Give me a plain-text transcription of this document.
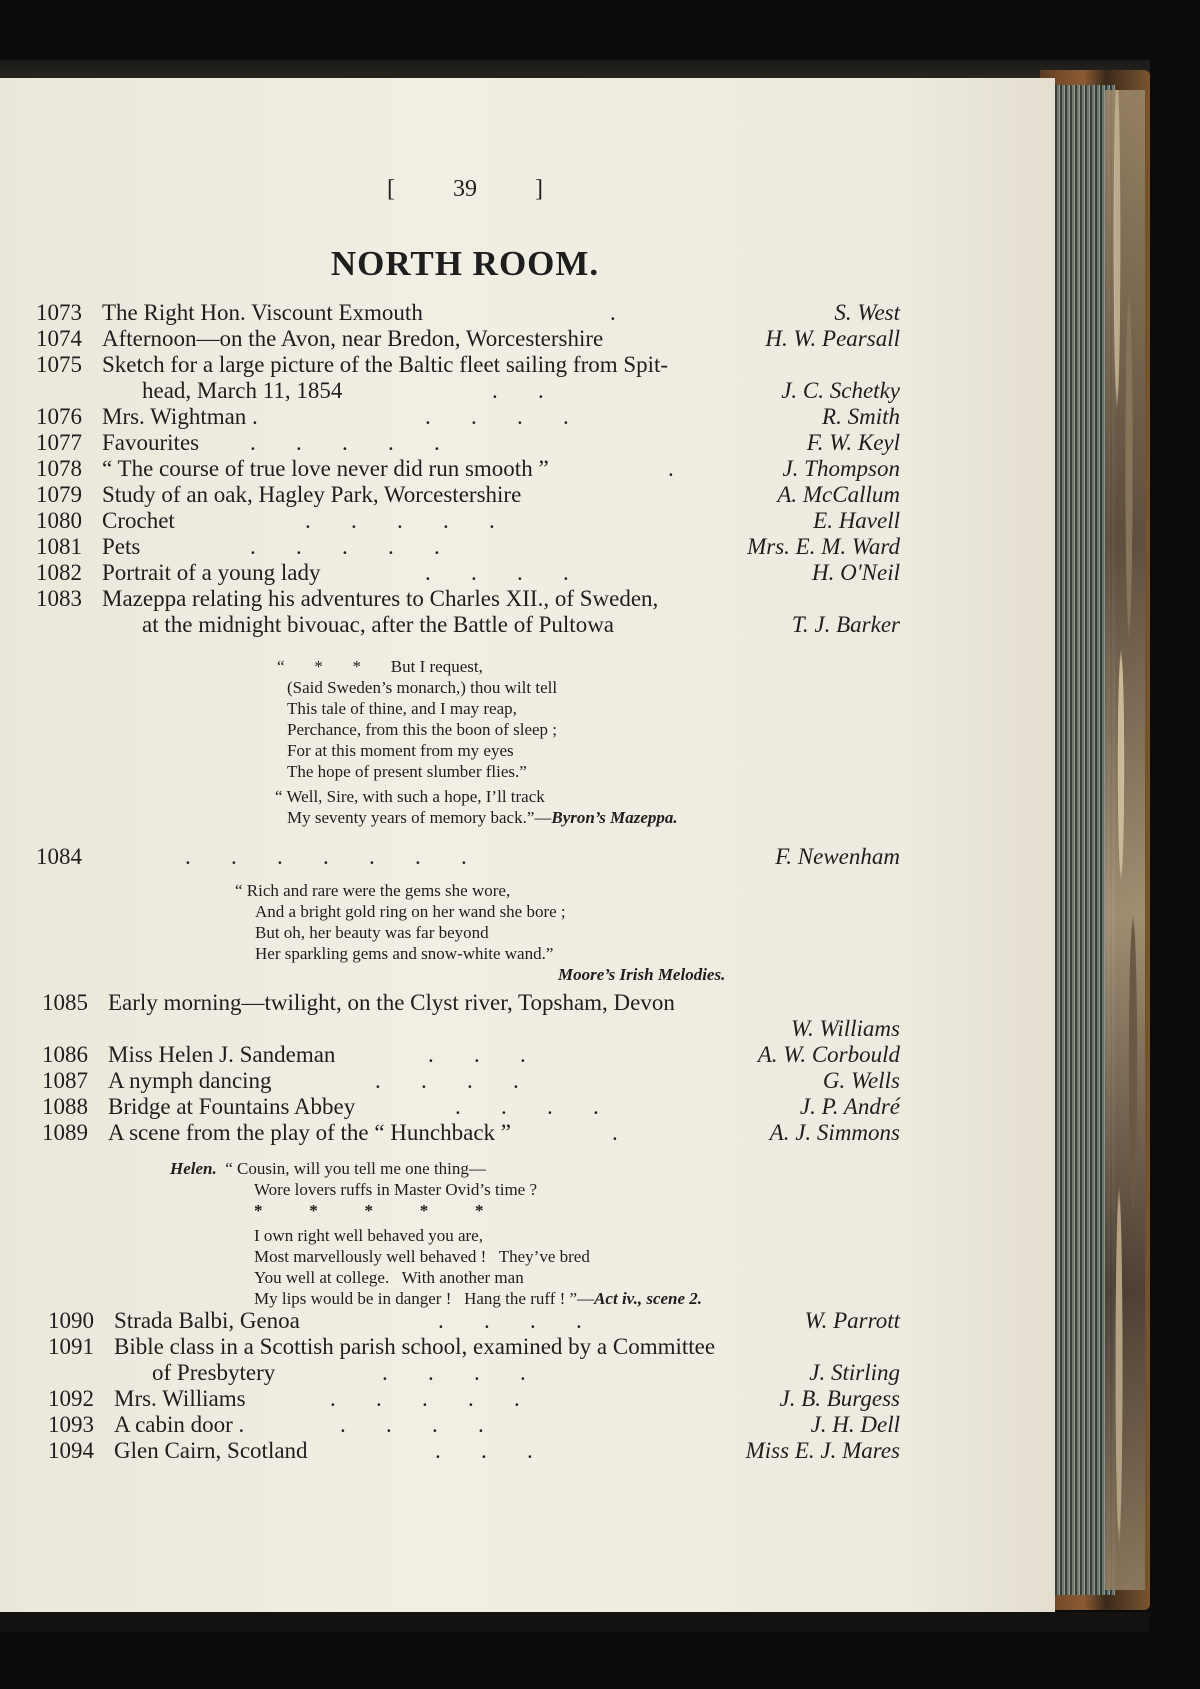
[ 39 ]
NORTH ROOM.
1073 The Right Hon. Viscount Exmouth	.	S. West
1074 Afternoon—on the Avon, near Bredon, Worcestershire	H. W. Pearsall
1075 Sketch for a large picture of the Baltic fleet sailing from Spit-
head, March 11, 1854	.       .	J. C. Schetky
1076 Mrs. Wightman .	.       .       .       .	R. Smith
1077 Favourites .       .       .       .       .	F. W. Keyl
1078 “ The course of true love never did run smooth ”	.	J. Thompson
1079 Study of an oak, Hagley Park, Worcestershire	A. McCallum
1080 Crochet	.       .       .       .       .	E. Havell
1081 Pets	.       .       .       .       .	Mrs. E. M. Ward
1082 Portrait of a young lady	.       .       .       .	H. O'Neil
1083 Mazeppa relating his adventures to Charles XII., of Sweden,
at the midnight bivouac, after the Battle of Pultowa	T. J. Barker
“       *       *       But I request,
(Said Sweden’s monarch,) thou wilt tell
This tale of thine, and I may reap,
Perchance, from this the boon of sleep ;
For at this moment from my eyes
The hope of present slumber flies.”
“ Well, Sire, with such a hope, I’ll track
My seventy years of memory back.”—Byron’s Mazeppa.
1084	.       .       .       .       .       .       .	F. Newenham
“ Rich and rare were the gems she wore,
And a bright gold ring on her wand she bore ;
But oh, her beauty was far beyond
Her sparkling gems and snow-white wand.”
Moore’s Irish Melodies.
1085 Early morning—twilight, on the Clyst river, Topsham, Devon
W. Williams
1086 Miss Helen J. Sandeman	.       .       .	A. W. Corbould
1087 A nymph dancing	.       .       .       .	G. Wells
1088 Bridge at Fountains Abbey	.       .       .       .	J. P. André
1089 A scene from the play of the “ Hunchback ”	.	A. J. Simmons
Helen. “ Cousin, will you tell me one thing—
Wore lovers ruffs in Master Ovid’s time ?
*           *           *           *           *
I own right well behaved you are,
Most marvellously well behaved !   They’ve bred
You well at college.   With another man
My lips would be in danger !   Hang the ruff ! ”—Act iv., scene 2.
1090 Strada Balbi, Genoa	.       .       .       .	W. Parrott
1091 Bible class in a Scottish parish school, examined by a Committee
of Presbytery	.       .       .       .	J. Stirling
1092 Mrs. Williams	.       .       .       .       .	J. B. Burgess
1093 A cabin door .	.       .       .       .	J. H. Dell
1094 Glen Cairn, Scotland	.       .       .	Miss E. J. Mares
